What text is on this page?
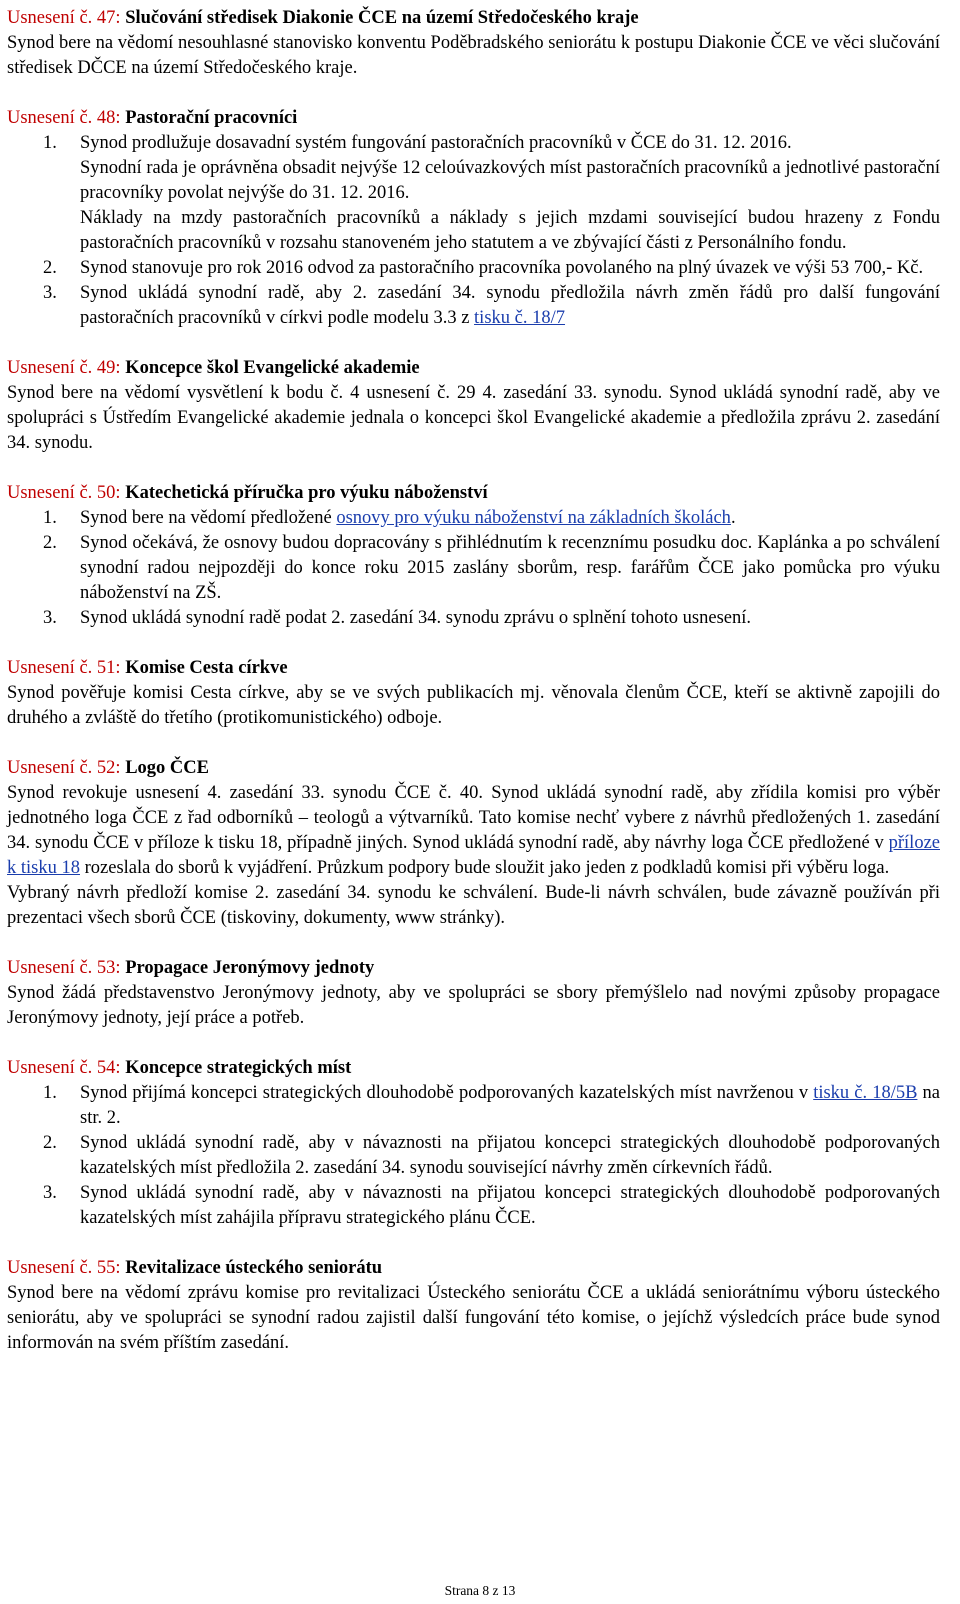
Usnesení č. 47: Slučování středisek Diakonie ČCE na území Středočeského kraje

Synod bere na vědomí nesouhlasné stanovisko konventu Poděbradského seniorátu k postupu Diakonie ČCE ve věci slučování středisek DČCE na území Středočeského kraje.

Usnesení č. 48: Pastorační pracovníci
1. Synod prodlužuje dosavadní systém fungování pastoračních pracovníků v ČCE do 31. 12. 2016.

Synodní rada je oprávněna obsadit nejvýše 12 celoúvazkových míst pastoračních pracovníků a jednotlivé pastorační pracovníky povolat nejvýše do 31. 12. 2016.

Náklady na mzdy pastoračních pracovníků a náklady s jejich mzdami související budou hrazeny z Fondu pastoračních pracovníků v rozsahu stanoveném jeho statutem a ve zbývající části z Personálního fondu.

2. Synod stanovuje pro rok 2016 odvod za pastoračního pracovníka povolaného na plný úvazek ve výši 53 700,- Kč.

3. Synod ukládá synodní radě, aby 2. zasedání 34. synodu předložila návrh změn řádů pro další fungování pastoračních pracovníků v církvi podle modelu 3.3 z tisku č. 18/7

Usnesení č. 49: Koncepce škol Evangelické akademie

Synod bere na vědomí vysvětlení k bodu č. 4 usnesení č. 29 4. zasedání 33. synodu. Synod ukládá synodní radě, aby ve spolupráci s Ústředím Evangelické akademie jednala o koncepci škol Evangelické akademie a předložila zprávu 2. zasedání 34. synodu.

Usnesení č. 50: Katechetická příručka pro výuku náboženství
1. Synod bere na vědomí předložené osnovy pro výuku náboženství na základních školách.

2. Synod očekává, že osnovy budou dopracovány s přihlédnutím k recenznímu posudku doc. Kaplánka a po schválení synodní radou nejpozději do konce roku 2015 zaslány sborům, resp. farářům ČCE jako pomůcka pro výuku náboženství na ZŠ.

3. Synod ukládá synodní radě podat 2. zasedání 34. synodu zprávu o splnění tohoto usnesení.

Usnesení č. 51: Komise Cesta církve

Synod pověřuje komisi Cesta církve, aby se ve svých publikacích mj. věnovala členům ČCE, kteří se aktivně zapojili do druhého a zvláště do třetího (protikomunistického) odboje.

Usnesení č. 52: Logo ČCE

Synod revokuje usnesení 4. zasedání 33. synodu ČCE č. 40. Synod ukládá synodní radě, aby zřídila komisi pro výběr jednotného loga ČCE z řad odborníků – teologů a výtvarníků. Tato komise nechť vybere z návrhů předložených 1. zasedání 34. synodu ČCE v příloze k tisku 18, případně jiných. Synod ukládá synodní radě, aby návrhy loga ČCE předložené v příloze k tisku 18 rozeslala do sborů k vyjádření. Průzkum podpory bude sloužit jako jeden z podkladů komisi při výběru loga.

Vybraný návrh předloží komise 2. zasedání 34. synodu ke schválení. Bude-li návrh schválen, bude závazně používán při prezentaci všech sborů ČCE (tiskoviny, dokumenty, www stránky).

Usnesení č. 53: Propagace Jeronýmovy jednoty

Synod žádá představenstvo Jeronýmovy jednoty, aby ve spolupráci se sbory přemýšlelo nad novými způsoby propagace Jeronýmovy jednoty, její práce a potřeb.

Usnesení č. 54: Koncepce strategických míst
1. Synod přijímá koncepci strategických dlouhodobě podporovaných kazatelských míst navrženou v tisku č. 18/5B na str. 2.

2. Synod ukládá synodní radě, aby v návaznosti na přijatou koncepci strategických dlouhodobě podporovaných kazatelských míst předložila 2. zasedání 34. synodu související návrhy změn církevních řádů.

3. Synod ukládá synodní radě, aby v návaznosti na přijatou koncepci strategických dlouhodobě podporovaných kazatelských míst zahájila přípravu strategického plánu ČCE.

Usnesení č. 55: Revitalizace ústeckého seniorátu

Synod bere na vědomí zprávu komise pro revitalizaci Ústeckého seniorátu ČCE a ukládá seniorátnímu výboru ústeckého seniorátu, aby ve spolupráci se synodní radou zajistil další fungování této komise, o jejíchž výsledcích práce bude synod informován na svém příštím zasedání.

Strana 8 z 13
